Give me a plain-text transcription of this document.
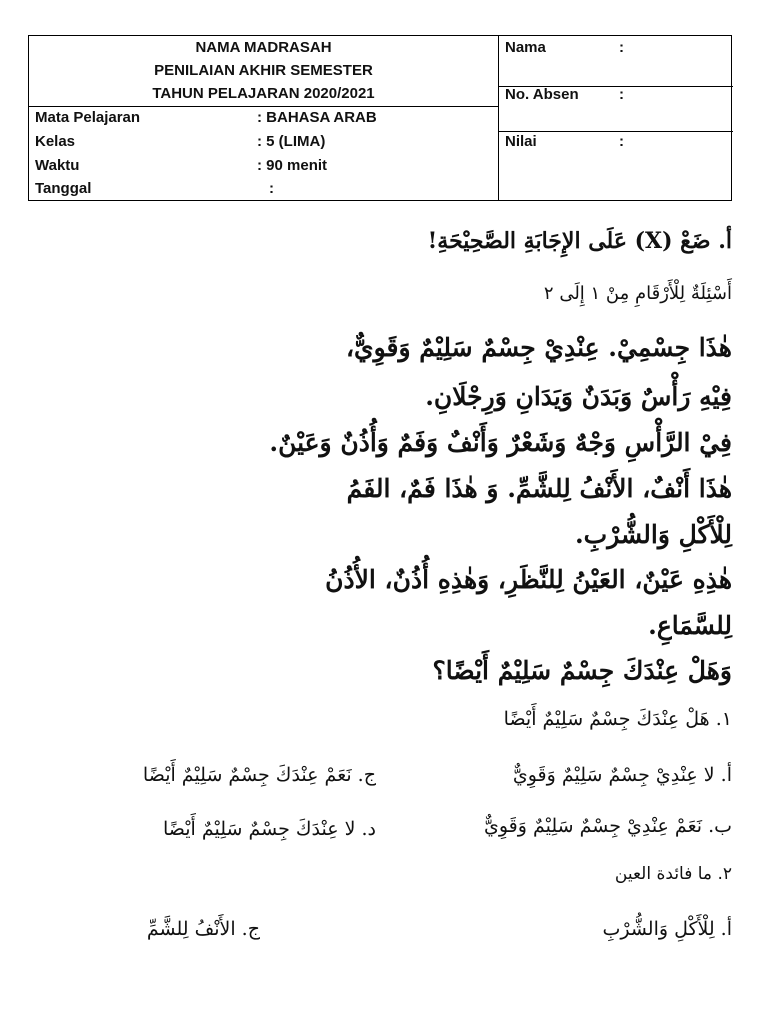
NAMA MADRASAH
PENILAIAN AKHIR SEMESTER
TAHUN PELAJARAN 2020/2021
Mata Pelajaran	: BAHASA ARAB
Kelas	: 5 (LIMA)
Waktu	: 90 menit
Tanggal	:
Nama	:
No. Absen	:
Nilai	:
أ. ضَعْ (X) عَلَى الإِجَابَةِ الصَّحِيْحَةِ!
أَسْئِلَةٌ لِلْأَرْقَامِ مِنْ ١ إِلَى ٢
هٰذَا جِسْمِيْ. عِنْدِيْ جِسْمٌ سَلِيْمٌ وَقَوِيٌّ،
فِيْهِ رَأْسٌ وَبَدَنٌ وَيَدَانِ وَرِجْلَانِ.
فِيْ الرَّأْسِ وَجْهٌ وَشَعْرٌ وَأَنْفٌ وَفَمٌ وَأُذُنٌ وَعَيْنٌ.
هٰذَا أَنْفٌ، الأَنْفُ لِلشَّمِّ. وَ هٰذَا فَمٌ، الفَمُ
لِلْأَكْلِ وَالشُّرْبِ.
هٰذِهِ عَيْنٌ، العَيْنُ لِلنَّظَرِ، وَهٰذِهِ أُذُنٌ، الأُذُنُ
لِلسَّمَاعِ.
وَهَلْ عِنْدَكَ جِسْمٌ سَلِيْمٌ أَيْضًا؟
١. هَلْ عِنْدَكَ جِسْمٌ سَلِيْمٌ أَيْضًا
أ. لا عِنْدِيْ جِسْمٌ سَلِيْمٌ وَقَوِيٌّ
ج. نَعَمْ عِنْدَكَ جِسْمٌ سَلِيْمٌ أَيْضًا
ب. نَعَمْ عِنْدِيْ جِسْمٌ سَلِيْمٌ وَقَوِيٌّ
د. لا عِنْدَكَ جِسْمٌ سَلِيْمٌ أَيْضًا
٢. ما فائدة العين
أ. لِلْأَكْلِ وَالشُّرْبِ
ج. الأَنْفُ لِلشَّمِّ
